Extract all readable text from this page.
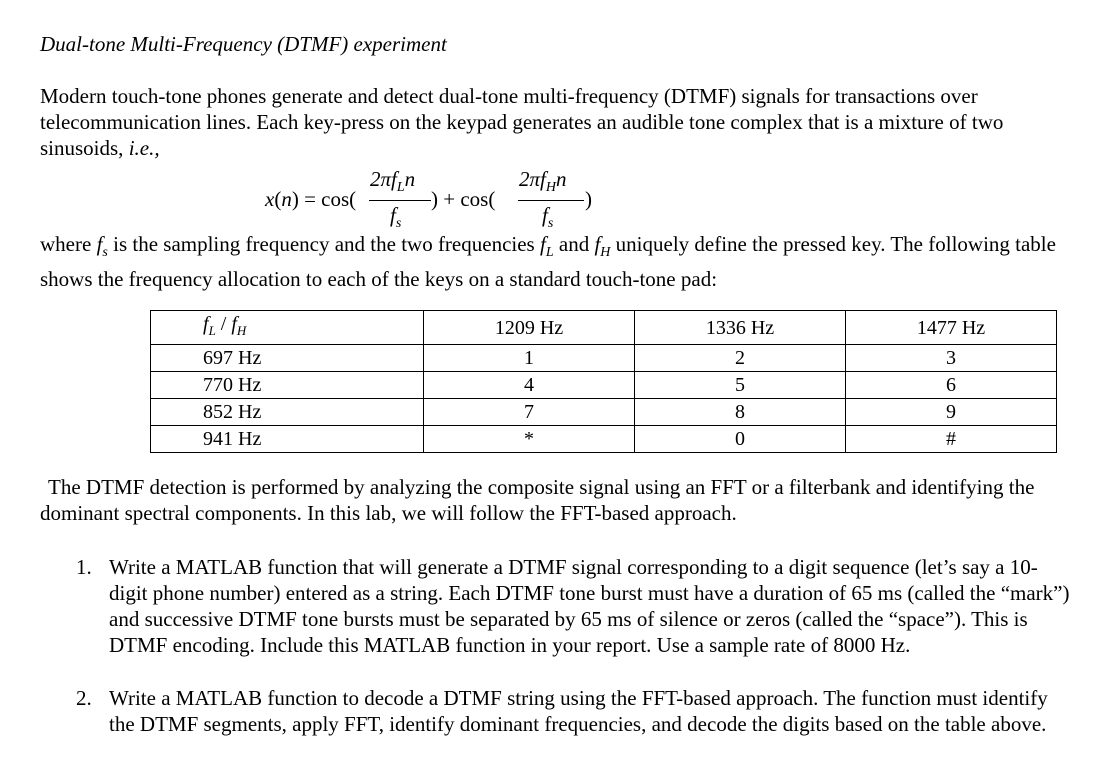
Dual-tone Multi-Frequency (DTMF) experiment

Modern touch-tone phones generate and detect dual-tone multi-frequency (DTMF) signals for transactions over telecommunication lines. Each key-press on the keypad generates an audible tone complex that is a mixture of two sinusoids, i.e.,

x(n) = cos(
$2\pi f_Ln$
$f_s$
) + cos(
$2\pi f_Hn$
$f_s$
)

where $f_s$ is the sampling frequency and the two frequencies $f_L$ and $f_H$ uniquely define the pressed key. The following table shows the frequency allocation to each of the keys on a standard touch-tone pad:

$f_L / f_H$	1209 Hz	1336 Hz	1477 Hz
697 Hz	1	2	3
770 Hz	4	5	6
852 Hz	7	8	9
941 Hz	*	0	#

The DTMF detection is performed by analyzing the composite signal using an FFT or a filterbank and identifying the dominant spectral components. In this lab, we will follow the FFT-based approach.

1. Write a MATLAB function that will generate a DTMF signal corresponding to a digit sequence (let’s say a 10-digit phone number) entered as a string. Each DTMF tone burst must have a duration of 65 ms (called the “mark”) and successive DTMF tone bursts must be separated by 65 ms of silence or zeros (called the “space”). This is DTMF encoding. Include this MATLAB function in your report. Use a sample rate of 8000 Hz.
2. Write a MATLAB function to decode a DTMF string using the FFT-based approach. The function must identify the DTMF segments, apply FFT, identify dominant frequencies, and decode the digits based on the table above.
